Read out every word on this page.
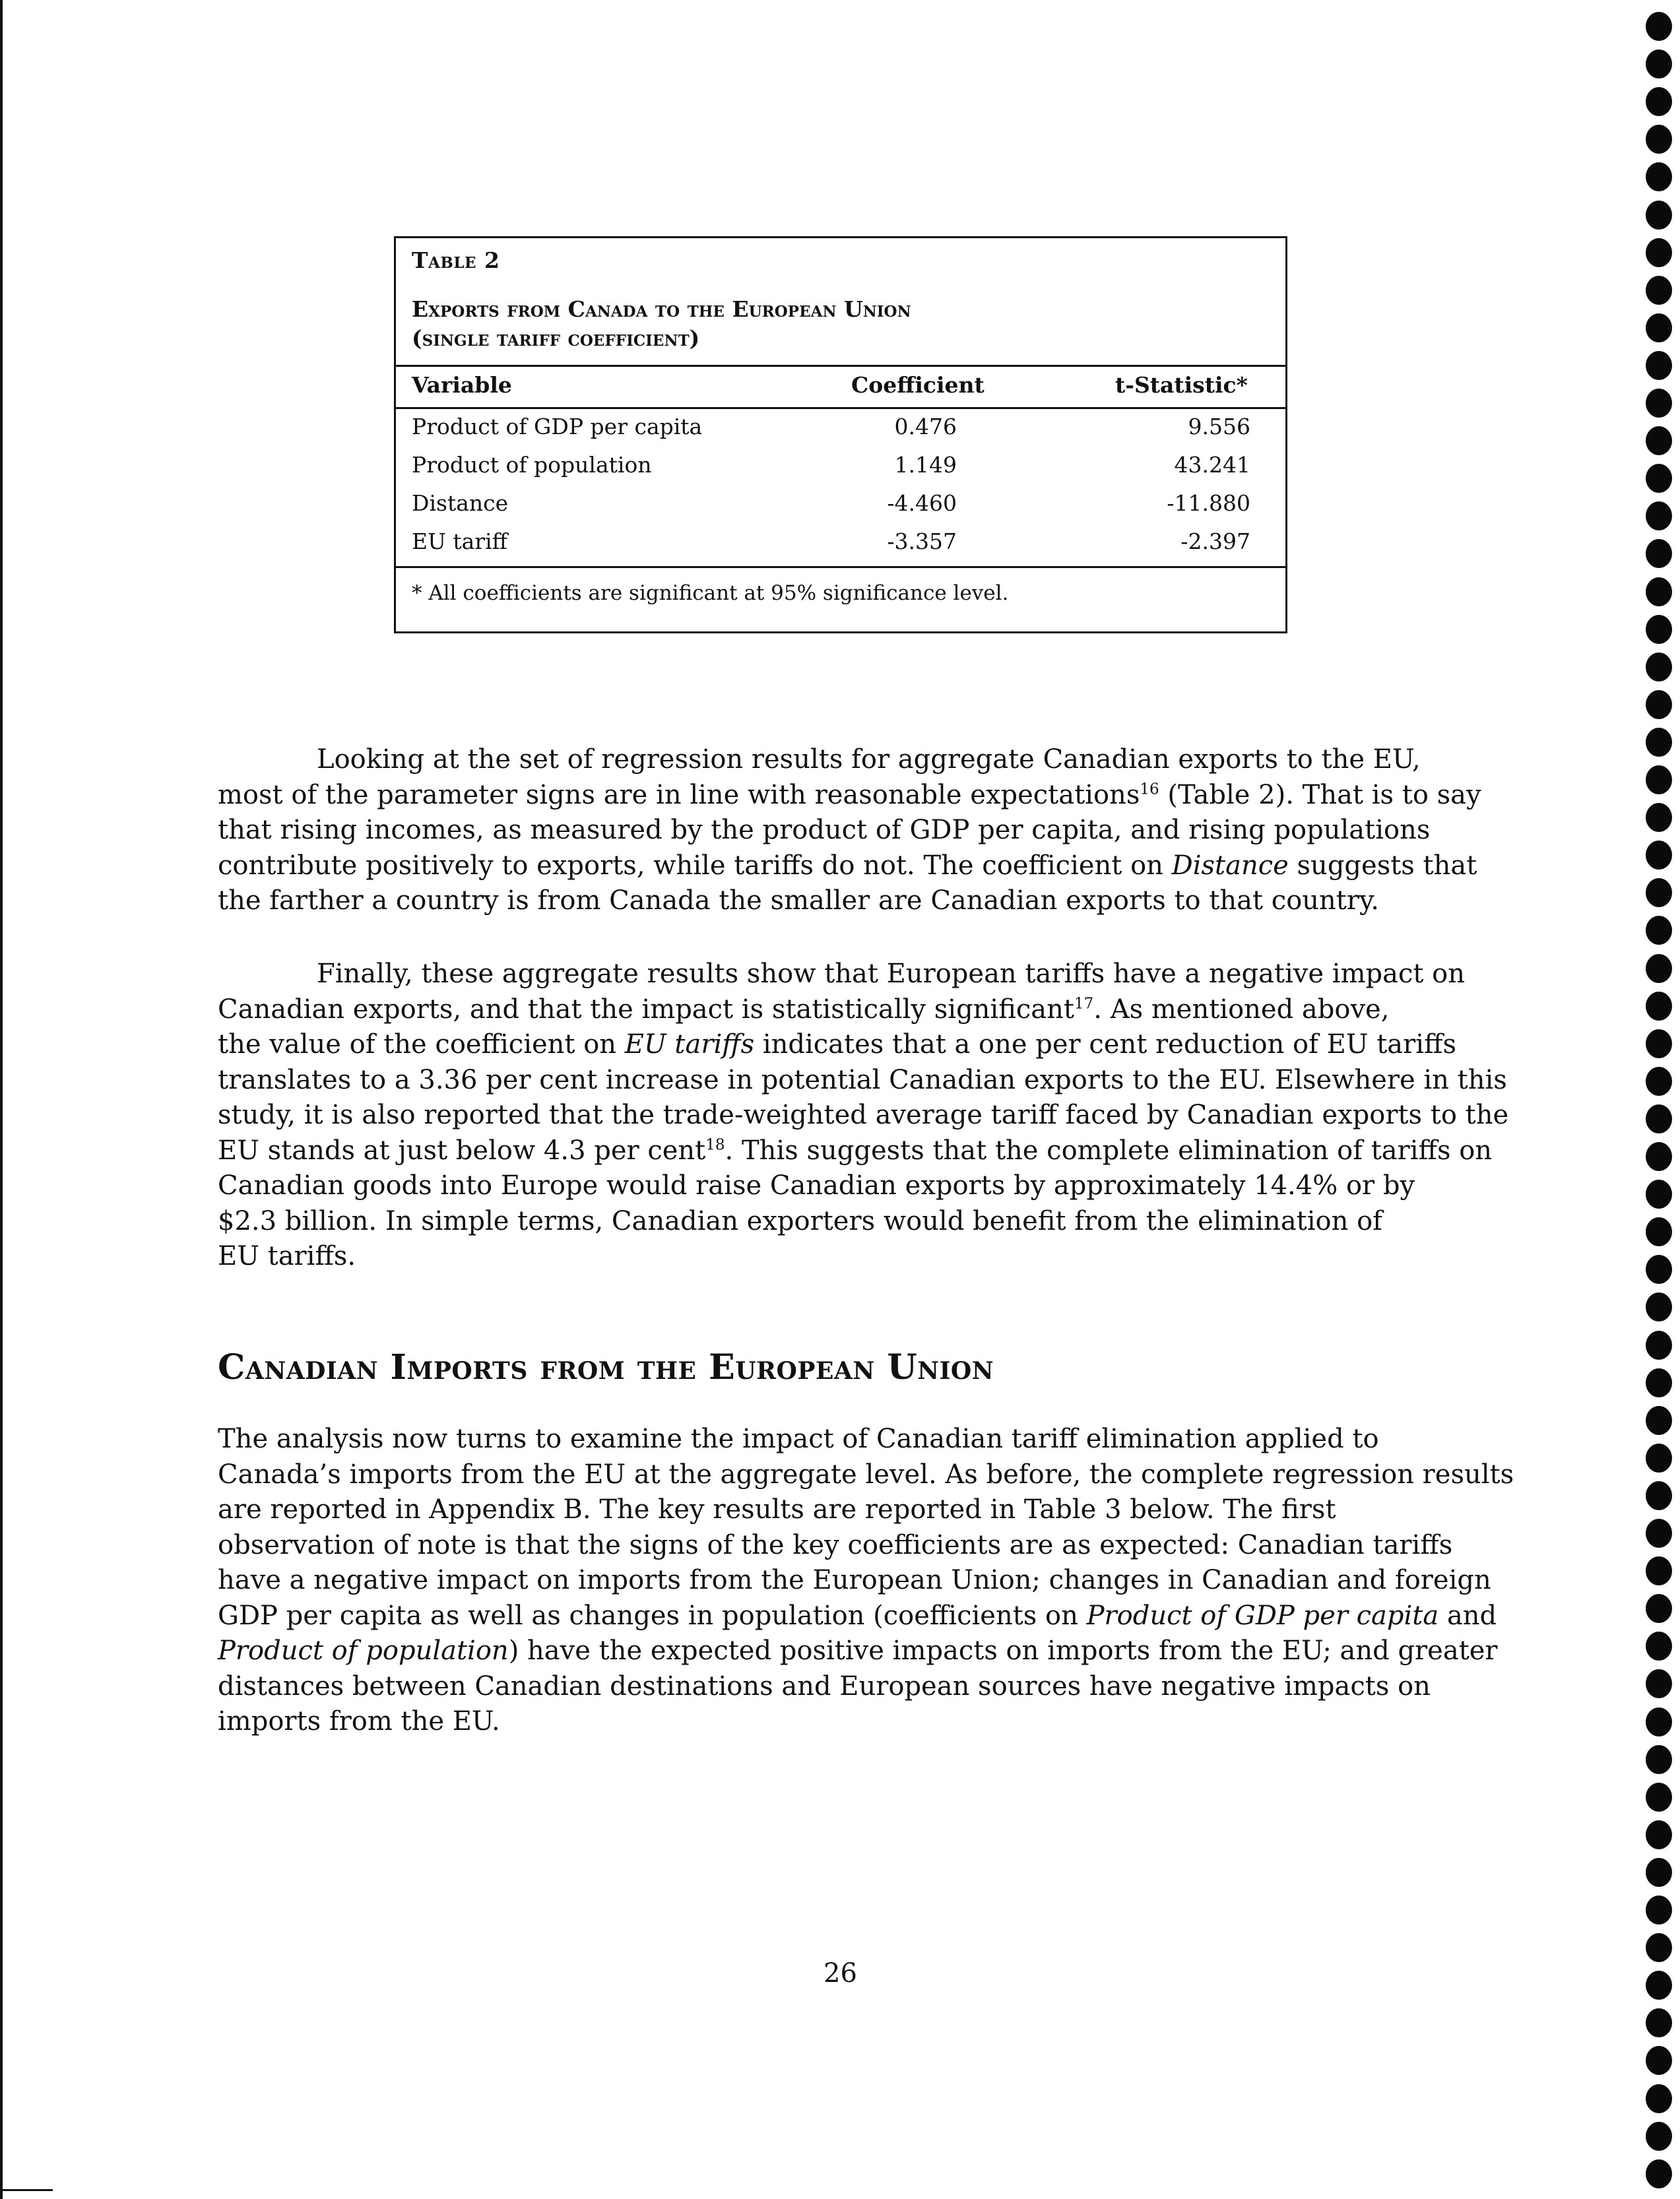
Table 2
Exports from Canada to the European Union
(single tariff coefficient)
Variable	Coefficient	t-Statistic*
Product of GDP per capita	0.476	9.556
Product of population	1.149	43.241
Distance	-4.460	-11.880
EU tariff	-3.357	-2.397
* All coefficients are significant at 95% significance level.

Looking at the set of regression results for aggregate Canadian exports to the EU,
most of the parameter signs are in line with reasonable expectations$^{16}$ (Table 2). That is to say
that rising incomes, as measured by the product of GDP per capita, and rising populations
contribute positively to exports, while tariffs do not. The coefficient on Distance suggests that
the farther a country is from Canada the smaller are Canadian exports to that country.

Finally, these aggregate results show that European tariffs have a negative impact on
Canadian exports, and that the impact is statistically significant$^{17}$. As mentioned above,
the value of the coefficient on EU tariffs indicates that a one per cent reduction of EU tariffs
translates to a 3.36 per cent increase in potential Canadian exports to the EU. Elsewhere in this
study, it is also reported that the trade-weighted average tariff faced by Canadian exports to the
EU stands at just below 4.3 per cent$^{18}$. This suggests that the complete elimination of tariffs on
Canadian goods into Europe would raise Canadian exports by approximately 14.4% or by
$2.3 billion. In simple terms, Canadian exporters would benefit from the elimination of
EU tariffs.

Canadian Imports from the European Union

The analysis now turns to examine the impact of Canadian tariff elimination applied to
Canada’s imports from the EU at the aggregate level. As before, the complete regression results
are reported in Appendix B. The key results are reported in Table 3 below. The first
observation of note is that the signs of the key coefficients are as expected: Canadian tariffs
have a negative impact on imports from the European Union; changes in Canadian and foreign
GDP per capita as well as changes in population (coefficients on Product of GDP per capita and
Product of population) have the expected positive impacts on imports from the EU; and greater
distances between Canadian destinations and European sources have negative impacts on
imports from the EU.

26
